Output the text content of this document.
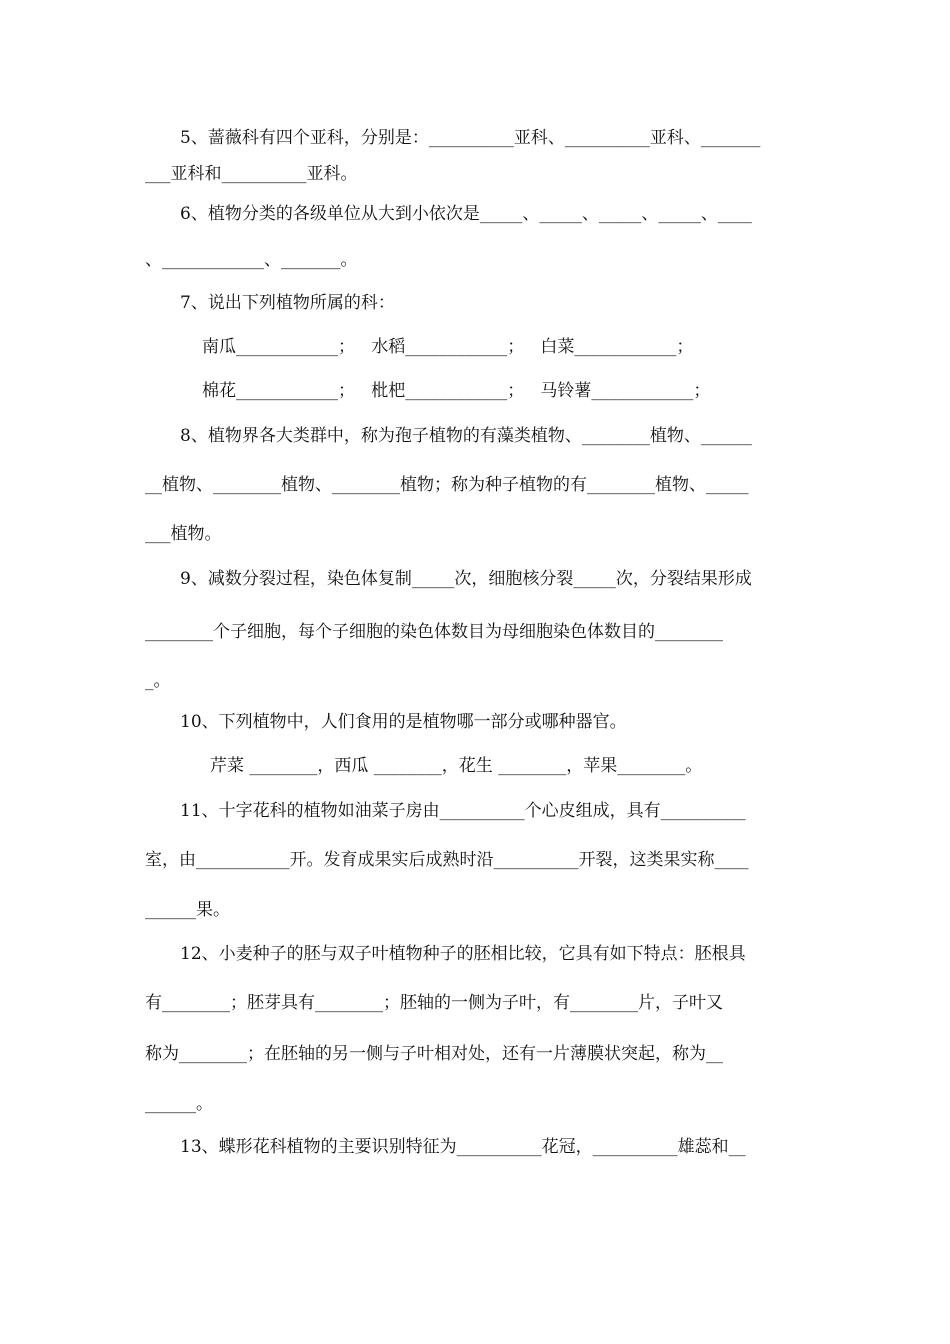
5、蔷薇科有四个亚科，分别是：__________亚科、__________亚科、_______
___亚科和__________亚科。
6、植物分类的各级单位从大到小依次是_____、_____、_____、_____、____
、____________、_______。
7、说出下列植物所属的科：
南瓜____________；   水稻____________；   白菜____________；
棉花____________；   枇杷____________；   马铃薯____________；
8、植物界各大类群中，称为孢子植物的有藻类植物、________植物、______
__植物、________植物、________植物；称为种子植物的有________植物、_____
___植物。
9、减数分裂过程，染色体复制_____次，细胞核分裂_____次，分裂结果形成
________个子细胞，每个子细胞的染色体数目为母细胞染色体数目的________
_。
10、下列植物中，人们食用的是植物哪一部分或哪种器官。
芹菜 ________，西瓜 ________，花生 ________，苹果________。
11、十字花科的植物如油菜子房由__________个心皮组成，具有__________
室，由___________开。发育成果实后成熟时沿__________开裂，这类果实称____
______果。
12、小麦种子的胚与双子叶植物种子的胚相比较，它具有如下特点：胚根具
有________；胚芽具有________；胚轴的一侧为子叶，有________片，子叶又
称为________；在胚轴的另一侧与子叶相对处，还有一片薄膜状突起，称为__
______。
13、蝶形花科植物的主要识别特征为__________花冠，__________雄蕊和__
